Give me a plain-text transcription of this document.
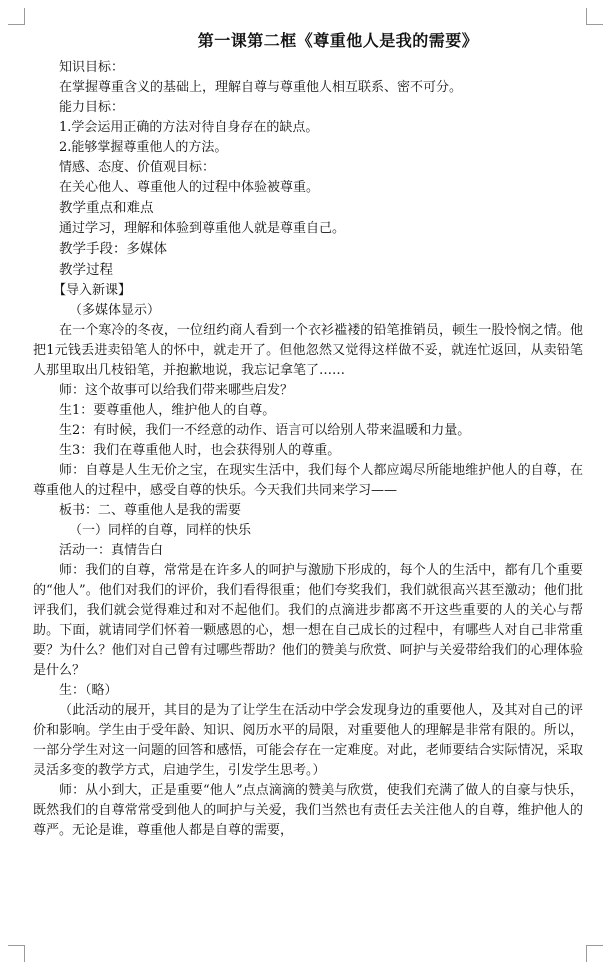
第一课第二框《尊重他人是我的需要》

知识目标：

在掌握尊重含义的基础上，理解自尊与尊重他人相互联系、密不可分。

能力目标：

1.学会运用正确的方法对待自身存在的缺点。

2.能够掌握尊重他人的方法。

情感、态度、价值观目标：

在关心他人、尊重他人的过程中体验被尊重。

教学重点和难点

通过学习，理解和体验到尊重他人就是尊重自己。

教学手段：多媒体

教学过程

【导入新课】

（多媒体显示）

在一个寒冷的冬夜，一位纽约商人看到一个衣衫褴褛的铅笔推销员，顿生一股怜悯之情。他把1元钱丢进卖铅笔人的怀中，就走开了。但他忽然又觉得这样做不妥，就连忙返回，从卖铅笔人那里取出几枝铅笔，并抱歉地说，我忘记拿笔了……

师：这个故事可以给我们带来哪些启发？

生1：要尊重他人，维护他人的自尊。

生2：有时候，我们一不经意的动作、语言可以给别人带来温暖和力量。

生3：我们在尊重他人时，也会获得别人的尊重。

师：自尊是人生无价之宝，在现实生活中，我们每个人都应竭尽所能地维护他人的自尊，在尊重他人的过程中，感受自尊的快乐。今天我们共同来学习——

板书：二、尊重他人是我的需要

（一）同样的自尊，同样的快乐

活动一：真情告白

师：我们的自尊，常常是在许多人的呵护与激励下形成的，每个人的生活中，都有几个重要的“他人”。他们对我们的评价，我们看得很重；他们夸奖我们，我们就很高兴甚至激动；他们批评我们，我们就会觉得难过和对不起他们。我们的点滴进步都离不开这些重要的人的关心与帮助。下面，就请同学们怀着一颗感恩的心，想一想在自己成长的过程中，有哪些人对自己非常重要？为什么？他们对自己曾有过哪些帮助？他们的赞美与欣赏、呵护与关爱带给我们的心理体验是什么？

生：（略）

（此活动的展开，其目的是为了让学生在活动中学会发现身边的重要他人，及其对自己的评价和影响。学生由于受年龄、知识、阅历水平的局限，对重要他人的理解是非常有限的。所以，一部分学生对这一问题的回答和感悟，可能会存在一定难度。对此，老师要结合实际情况，采取灵活多变的教学方式，启迪学生，引发学生思考。）

师：从小到大，正是重要“他人”点点滴滴的赞美与欣赏，使我们充满了做人的自豪与快乐，既然我们的自尊常常受到他人的呵护与关爱，我们当然也有责任去关注他人的自尊，维护他人的尊严。无论是谁，尊重他人都是自尊的需要，
